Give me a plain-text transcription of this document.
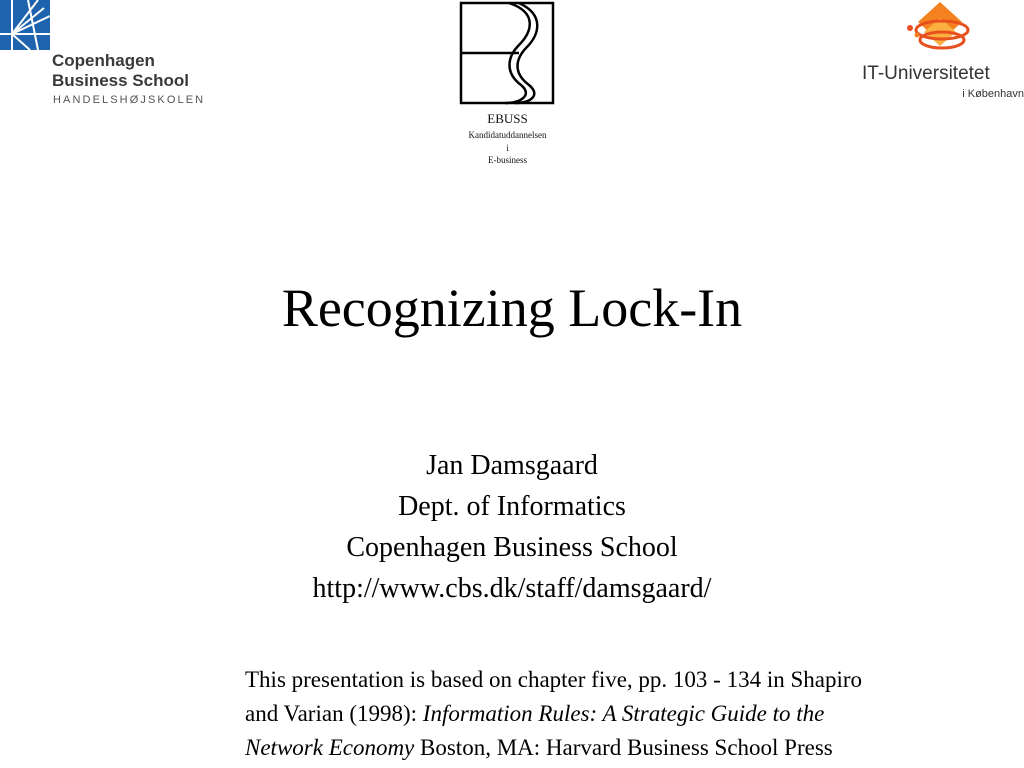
Copenhagen
Business School
HANDELSHØJSKOLEN
EBUSS
Kandidatuddannelsen
i
E-business
IT-Universitetet
i København
Recognizing Lock-In
Jan Damsgaard
Dept. of Informatics
Copenhagen Business School
http://www.cbs.dk/staff/damsgaard/
This presentation is based on chapter five, pp. 103 - 134 in Shapiro
and Varian (1998): Information Rules: A Strategic Guide to the
Network Economy Boston, MA: Harvard Business School Press
